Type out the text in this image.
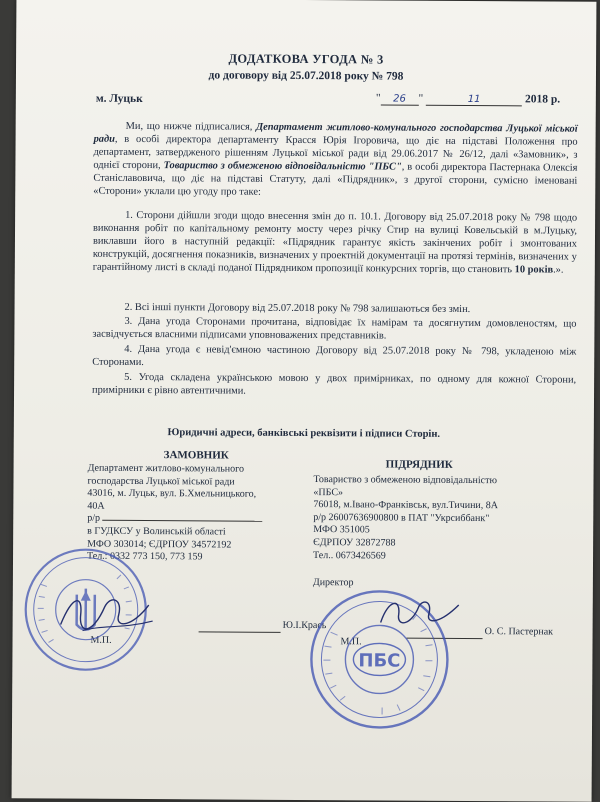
ДОДАТКОВА УГОДА № 3
до договору від 25.07.2018 року № 798
м. Луцьк	" 26 "	11	2018 р.
Ми, що нижче підписалися, Департамент житлово-комунального господарства Луцької міської ради, в особі директора департаменту Красся Юрія Ігоровича, що діє на підставі Положення про департамент, затвердженого рішенням Луцької міської ради від 29.06.2017 № 26/12, далі «Замовник», з однієї сторони, Товариство з обмеженою відповідальністю "ПБС", в особі директора Пастернака Олексія Станіславовича, що діє на підставі Статуту, далі «Підрядник», з другої сторони, сумісно іменовані «Сторони» уклали цю угоду про таке:
1. Сторони дійшли згоди щодо внесення змін до п. 10.1. Договору від 25.07.2018 року № 798 щодо виконання робіт по капітальному ремонту мосту через річку Стир на вулиці Ковельській в м.Луцьку, виклавши його в наступній редакції: «Підрядник гарантує якість закінчених робіт і змонтованих конструкцій, досягнення показників, визначених у проектній документації на протязі термінів, визначених у гарантійному листі в складі поданої Підрядником пропозиції конкурсних торгів, що становить 10 років.».
2. Всі інші пункти Договору від 25.07.2018 року № 798 залишаються без змін.
3. Дана угода Сторонами прочитана, відповідає їх намірам та досягнутим домовленостям, що засвідчується власними підписами уповноважених представників.
4. Дана угода є невід'ємною частиною Договору від 25.07.2018 року № 798, укладеною між Сторонами.
5. Угода складена українською мовою у двох примірниках, по одному для кожної Сторони, примірники є рівно автентичними.
Юридичні адреси, банківські реквізити і підписи Сторін.
ЗАМОВНИК
ПІДРЯДНИК
Департамент житлово-комунального
господарства Луцької міської ради
43016, м. Луцьк, вул. Б.Хмельницького,
40А
р/р
в ГУДКСУ у Волинській області
МФО 303014; ЄДРПОУ 34572192
Тел.: 0332 773 150, 773 159
Товариство з обмеженою відповідальністю
«ПБС»
76018, м.Івано-Франківськ, вул.Тичини, 8А
р/р 26007636900800 в ПАТ "Укрсиббанк"
МФО 351005
ЄДРПОУ 32872788
Тел.. 0673426569
Директор
Ю.І.Крась
О. С. Пастернак
М.П.	М.П.
ПБС
